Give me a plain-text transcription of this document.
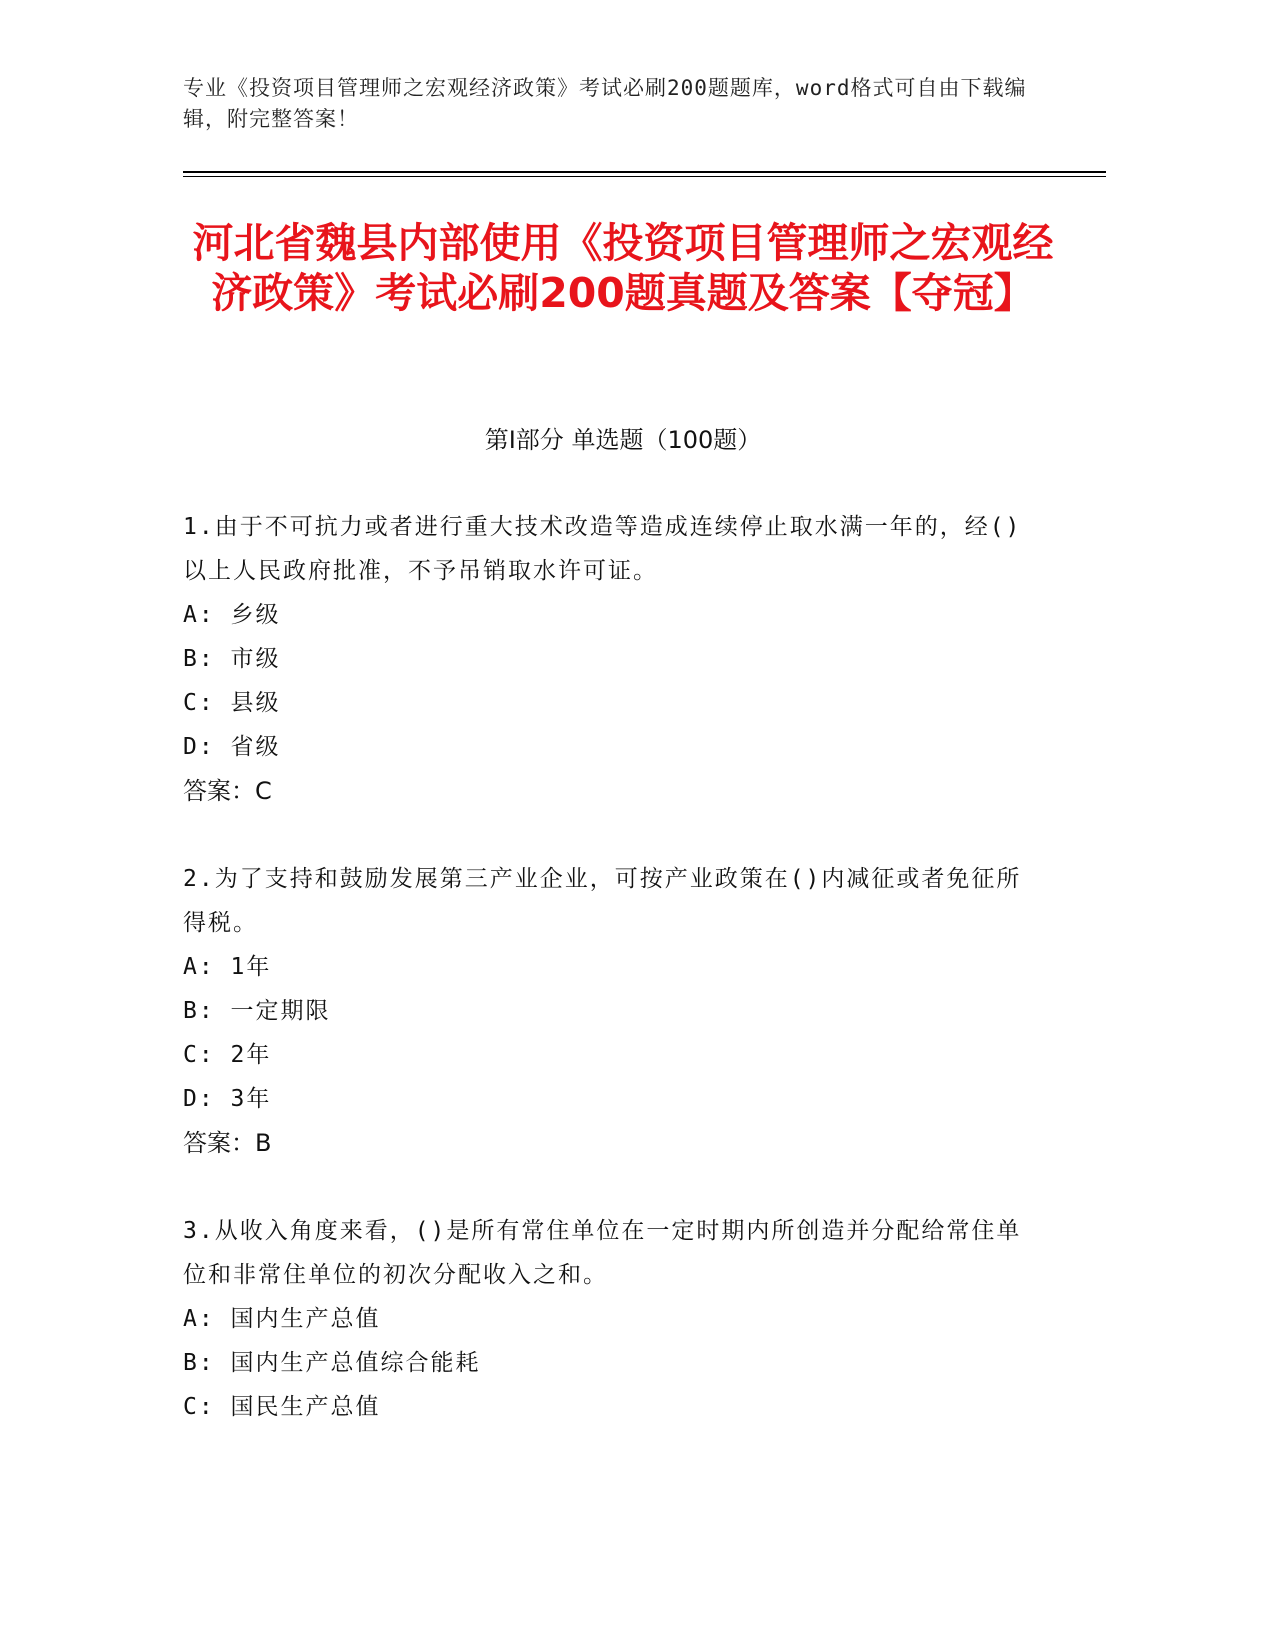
专业《投资项目管理师之宏观经济政策》考试必刷200题题库，word格式可自由下载编辑，附完整答案！
河北省魏县内部使用《投资项目管理师之宏观经济政策》考试必刷200题真题及答案【夺冠】
第I部分 单选题（100题）
1.由于不可抗力或者进行重大技术改造等造成连续停止取水满一年的，经()以上人民政府批准，不予吊销取水许可证。
A: 乡级
B: 市级
C: 县级
D: 省级
答案：C
2.为了支持和鼓励发展第三产业企业，可按产业政策在()内减征或者免征所得税。
A: 1年
B: 一定期限
C: 2年
D: 3年
答案：B
3.从收入角度来看，()是所有常住单位在一定时期内所创造并分配给常住单位和非常住单位的初次分配收入之和。
A: 国内生产总值
B: 国内生产总值综合能耗
C: 国民生产总值
